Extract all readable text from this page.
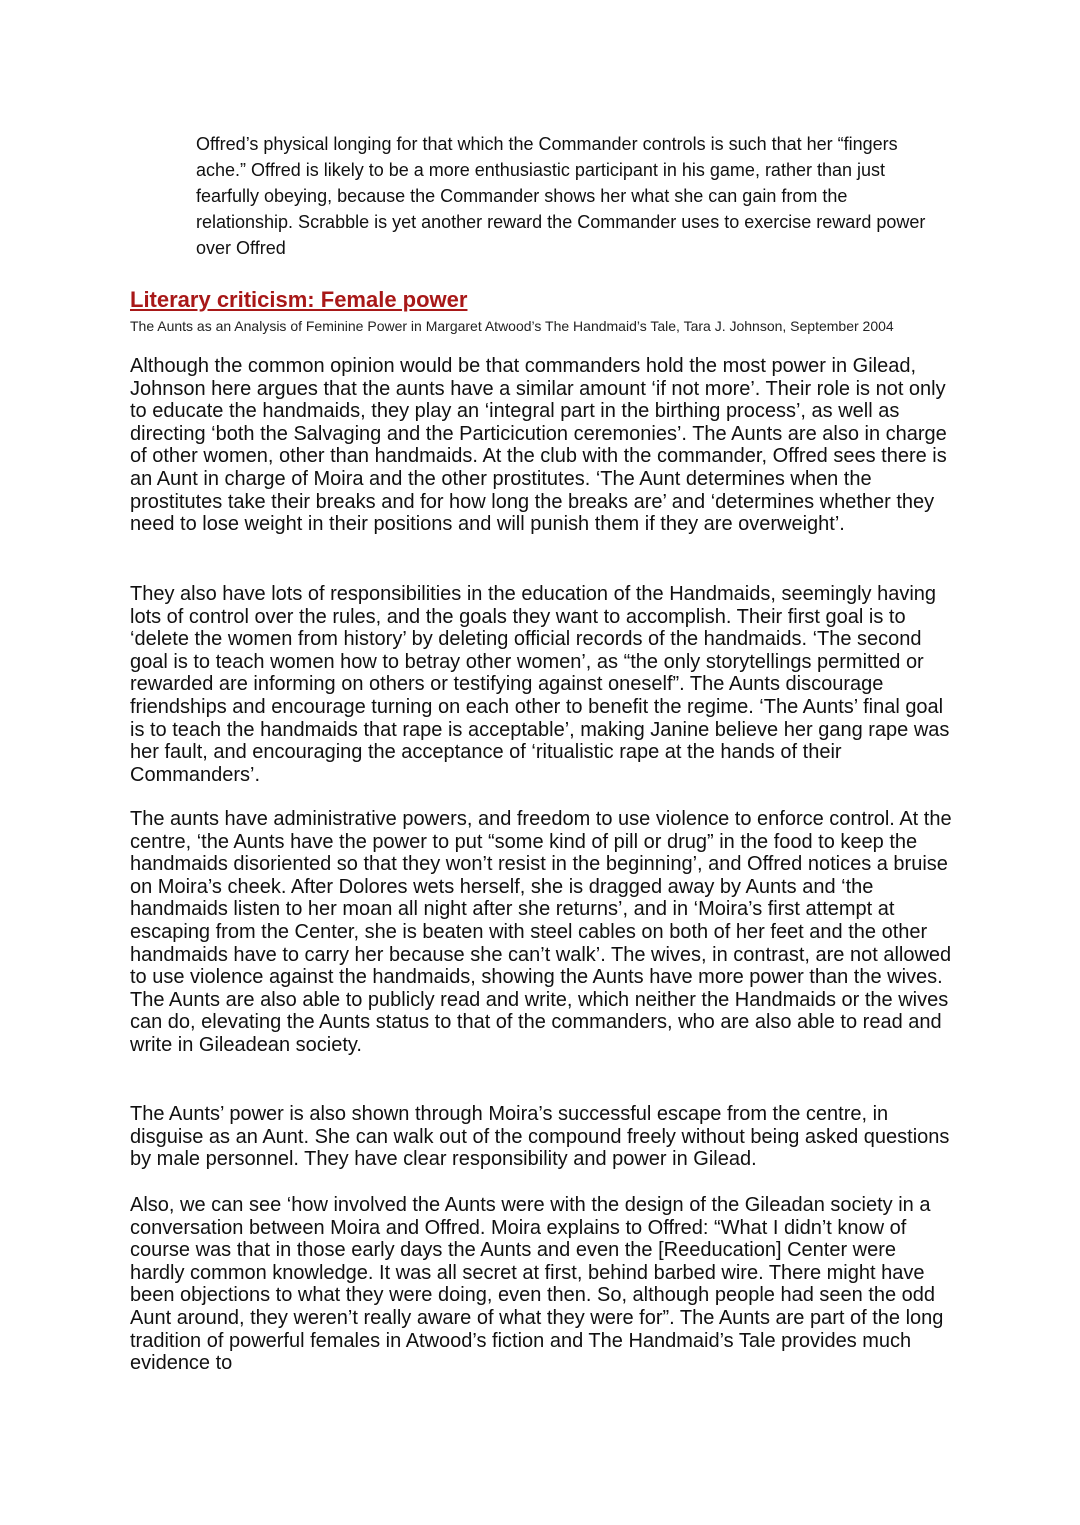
Offred’s physical longing for that which the Commander controls is such that her “fingers ache.” Offred is likely to be a more enthusiastic participant in his game, rather than just fearfully obeying, because the Commander shows her what she can gain from the relationship. Scrabble is yet another reward the Commander uses to exercise reward power over Offred

Literary criticism: Female power

The Aunts as an Analysis of Feminine Power in Margaret Atwood’s The Handmaid’s Tale, Tara J. Johnson, September 2004

Although the common opinion would be that commanders hold the most power in Gilead, Johnson here argues that the aunts have a similar amount ‘if not more’. Their role is not only to educate the handmaids, they play an ‘integral part in the birthing process’, as well as directing ‘both the Salvaging and the Particicution ceremonies’. The Aunts are also in charge of other women, other than handmaids. At the club with the commander, Offred sees there is an Aunt in charge of Moira and the other prostitutes. ‘The Aunt determines when the prostitutes take their breaks and for how long the breaks are’ and ‘determines whether they need to lose weight in their positions and will punish them if they are overweight’.

They also have lots of responsibilities in the education of the Handmaids, seemingly having lots of control over the rules, and the goals they want to accomplish. Their first goal is to ‘delete the women from history’ by deleting official records of the handmaids. ‘The second goal is to teach women how to betray other women’, as “the only storytellings permitted or rewarded are informing on others or testifying against oneself”. The Aunts discourage friendships and encourage turning on each other to benefit the regime. ‘The Aunts’ final goal is to teach the handmaids that rape is acceptable’, making Janine believe her gang rape was her fault, and encouraging the acceptance of ‘ritualistic rape at the hands of their Commanders’.

The aunts have administrative powers, and freedom to use violence to enforce control. At the centre, ‘the Aunts have the power to put “some kind of pill or drug” in the food to keep the handmaids disoriented so that they won’t resist in the beginning’, and Offred notices a bruise on Moira’s cheek. After Dolores wets herself, she is dragged away by Aunts and ‘the handmaids listen to her moan all night after she returns’, and in ‘Moira’s first attempt at escaping from the Center, she is beaten with steel cables on both of her feet and the other handmaids have to carry her because she can’t walk’. The wives, in contrast, are not allowed to use violence against the handmaids, showing the Aunts have more power than the wives. The Aunts are also able to publicly read and write, which neither the Handmaids or the wives can do, elevating the Aunts status to that of the commanders, who are also able to read and write in Gileadean society.

The Aunts’ power is also shown through Moira’s successful escape from the centre, in disguise as an Aunt. She can walk out of the compound freely without being asked questions by male personnel. They have clear responsibility and power in Gilead.

Also, we can see ‘how involved the Aunts were with the design of the Gileadan society in a conversation between Moira and Offred. Moira explains to Offred: “What I didn’t know of course was that in those early days the Aunts and even the [Reeducation] Center were hardly common knowledge. It was all secret at first, behind barbed wire. There might have been objections to what they were doing, even then. So, although people had seen the odd Aunt around, they weren’t really aware of what they were for”. The Aunts are part of the long tradition of powerful females in Atwood’s fiction and The Handmaid’s Tale provides much evidence to
